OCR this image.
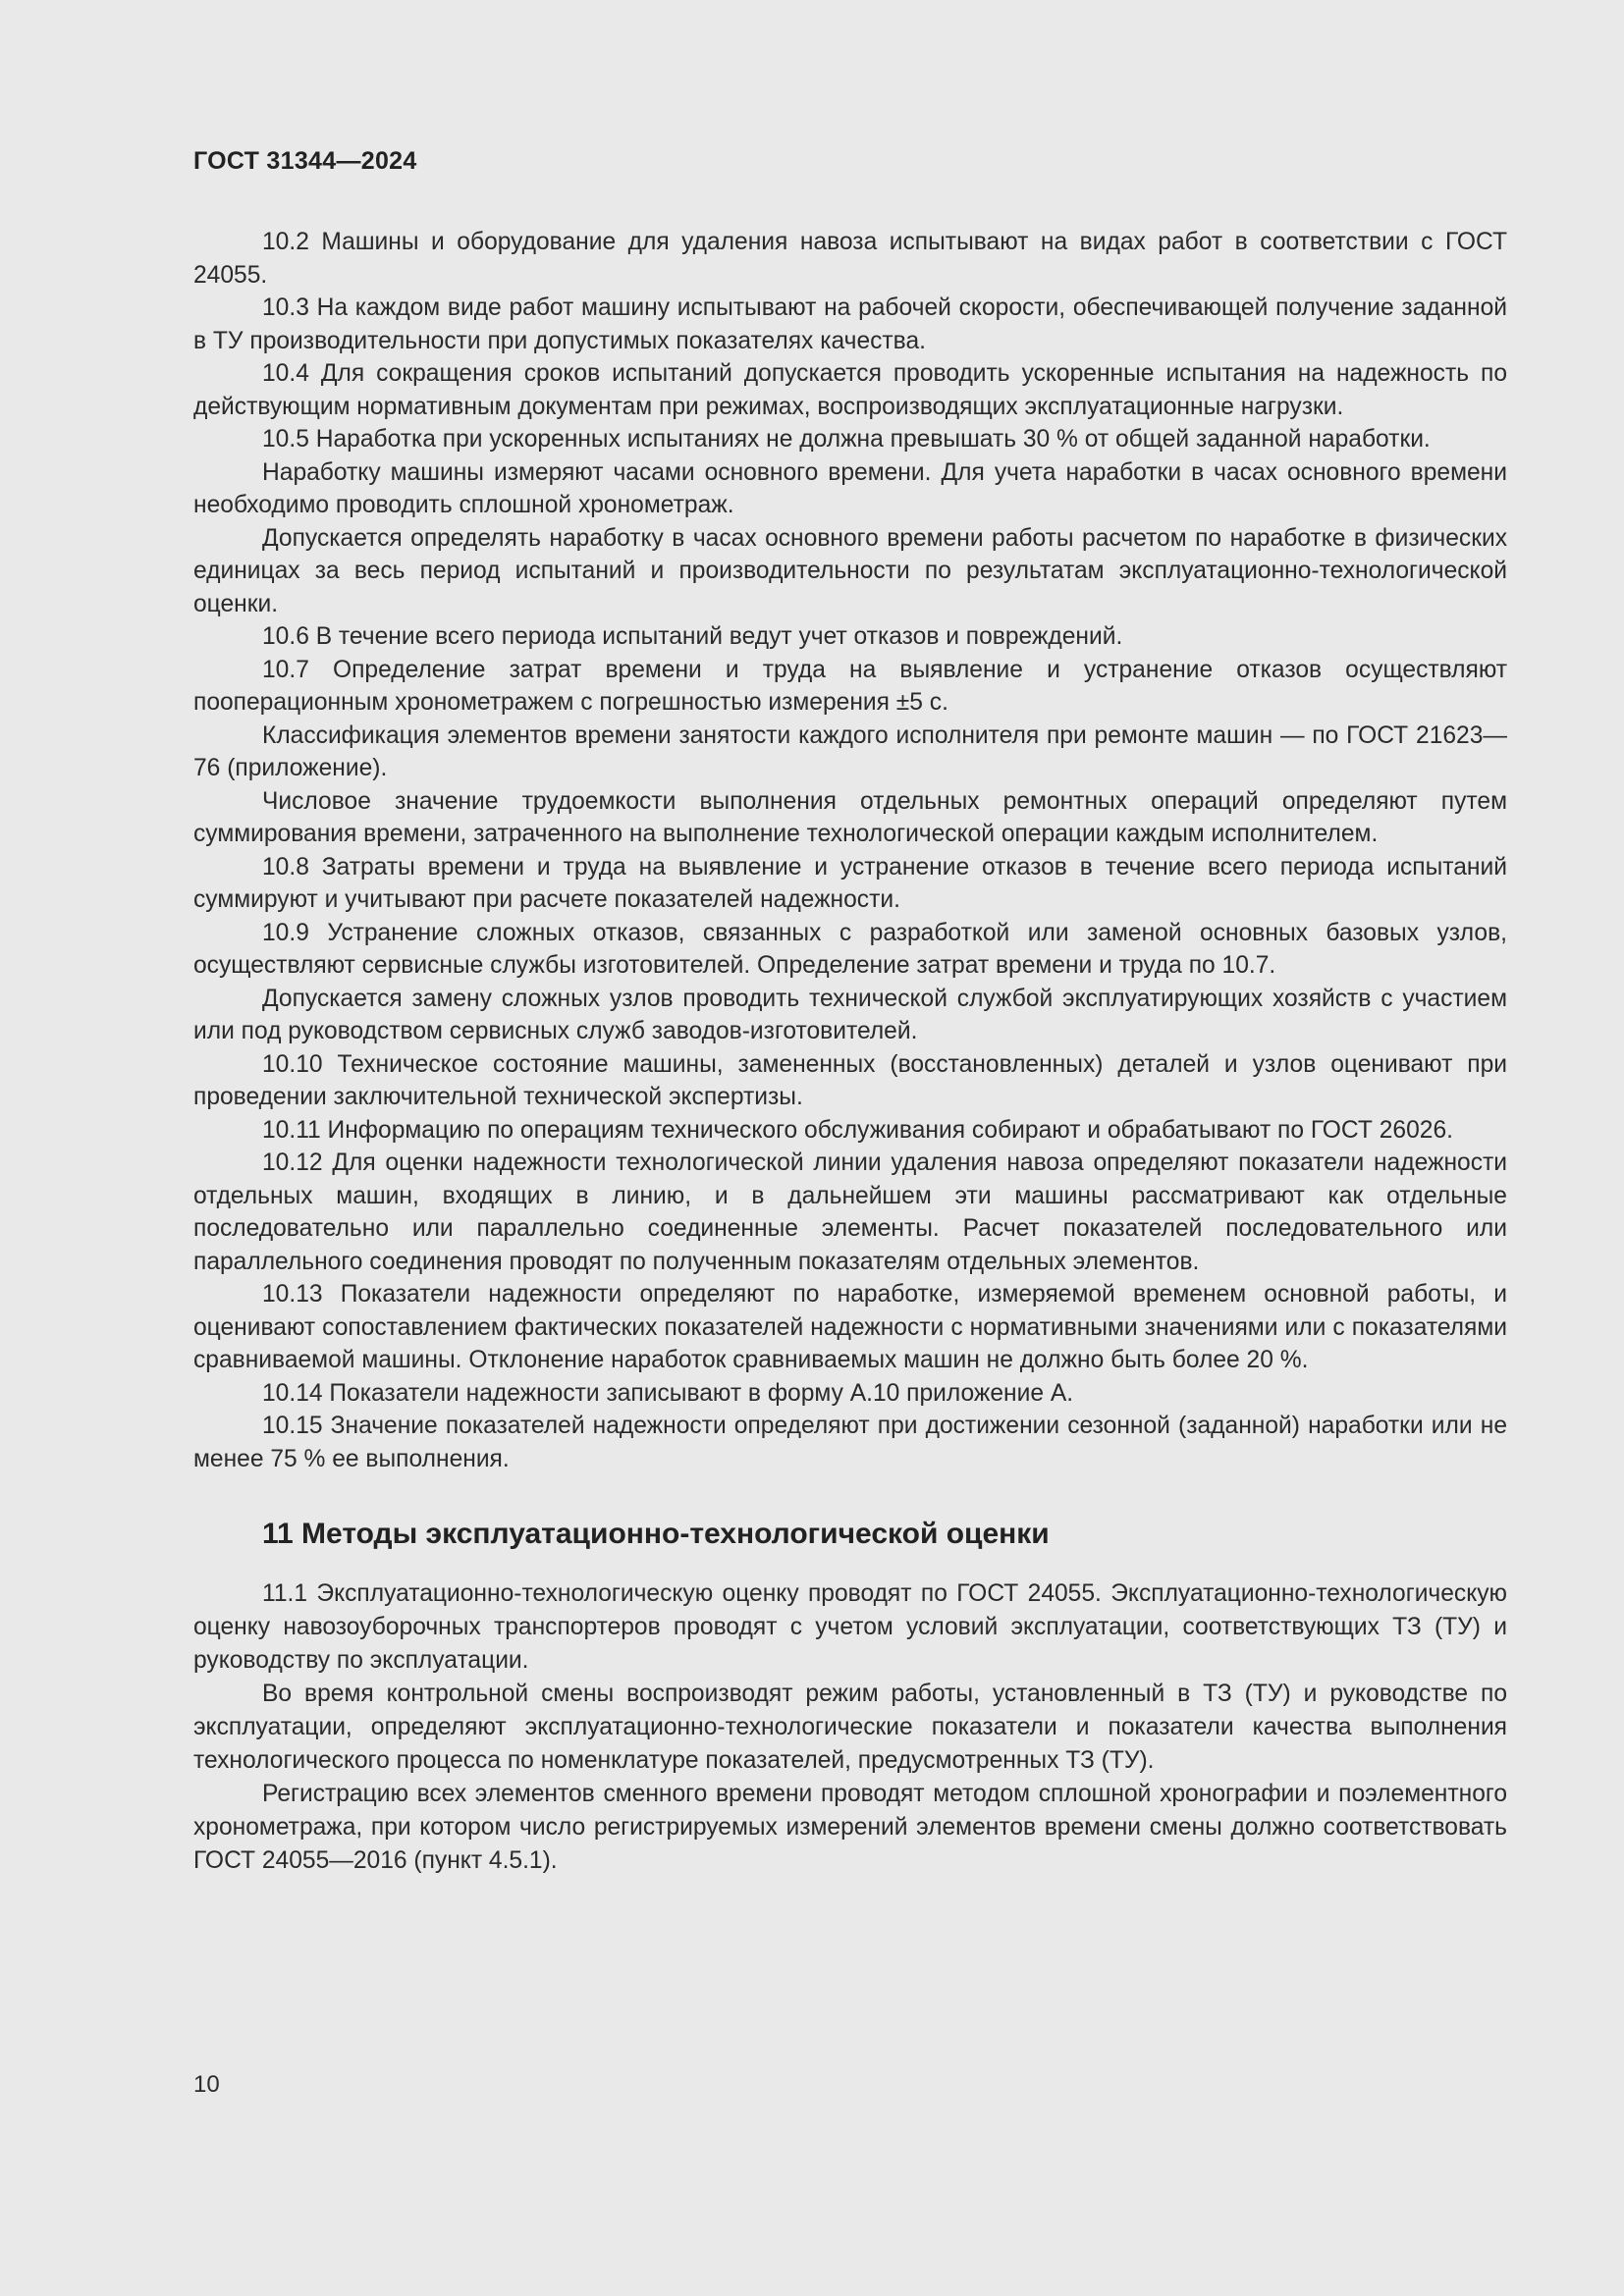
ГОСТ 31344—2024

10.2 Машины и оборудование для удаления навоза испытывают на видах работ в соответствии с ГОСТ 24055.

10.3 На каждом виде работ машину испытывают на рабочей скорости, обеспечивающей получение заданной в ТУ производительности при допустимых показателях качества.

10.4 Для сокращения сроков испытаний допускается проводить ускоренные испытания на надежность по действующим нормативным документам при режимах, воспроизводящих эксплуатационные нагрузки.

10.5 Наработка при ускоренных испытаниях не должна превышать 30 % от общей заданной наработки.

Наработку машины измеряют часами основного времени. Для учета наработки в часах основного времени необходимо проводить сплошной хронометраж.

Допускается определять наработку в часах основного времени работы расчетом по наработке в физических единицах за весь период испытаний и производительности по результатам эксплуатационно-технологической оценки.

10.6 В течение всего периода испытаний ведут учет отказов и повреждений.

10.7 Определение затрат времени и труда на выявление и устранение отказов осуществляют пооперационным хронометражем с погрешностью измерения ±5 с.

Классификация элементов времени занятости каждого исполнителя при ремонте машин — по ГОСТ 21623—76 (приложение).

Числовое значение трудоемкости выполнения отдельных ремонтных операций определяют путем суммирования времени, затраченного на выполнение технологической операции каждым исполнителем.

10.8 Затраты времени и труда на выявление и устранение отказов в течение всего периода испытаний суммируют и учитывают при расчете показателей надежности.

10.9 Устранение сложных отказов, связанных с разработкой или заменой основных базовых узлов, осуществляют сервисные службы изготовителей. Определение затрат времени и труда по 10.7.

Допускается замену сложных узлов проводить технической службой эксплуатирующих хозяйств с участием или под руководством сервисных служб заводов-изготовителей.

10.10 Техническое состояние машины, замененных (восстановленных) деталей и узлов оценивают при проведении заключительной технической экспертизы.

10.11 Информацию по операциям технического обслуживания собирают и обрабатывают по ГОСТ 26026.

10.12 Для оценки надежности технологической линии удаления навоза определяют показатели надежности отдельных машин, входящих в линию, и в дальнейшем эти машины рассматривают как отдельные последовательно или параллельно соединенные элементы. Расчет показателей последовательного или параллельного соединения проводят по полученным показателям отдельных элементов.

10.13 Показатели надежности определяют по наработке, измеряемой временем основной работы, и оценивают сопоставлением фактических показателей надежности с нормативными значениями или с показателями сравниваемой машины. Отклонение наработок сравниваемых машин не должно быть более 20 %.

10.14 Показатели надежности записывают в форму А.10 приложение А.

10.15 Значение показателей надежности определяют при достижении сезонной (заданной) наработки или не менее 75 % ее выполнения.

11 Методы эксплуатационно-технологической оценки

11.1 Эксплуатационно-технологическую оценку проводят по ГОСТ 24055. Эксплуатационно-технологическую оценку навозоуборочных транспортеров проводят с учетом условий эксплуатации, соответствующих ТЗ (ТУ) и руководству по эксплуатации.

Во время контрольной смены воспроизводят режим работы, установленный в ТЗ (ТУ) и руководстве по эксплуатации, определяют эксплуатационно-технологические показатели и показатели качества выполнения технологического процесса по номенклатуре показателей, предусмотренных ТЗ (ТУ).

Регистрацию всех элементов сменного времени проводят методом сплошной хронографии и поэлементного хронометража, при котором число регистрируемых измерений элементов времени смены должно соответствовать ГОСТ 24055—2016 (пункт 4.5.1).

10
